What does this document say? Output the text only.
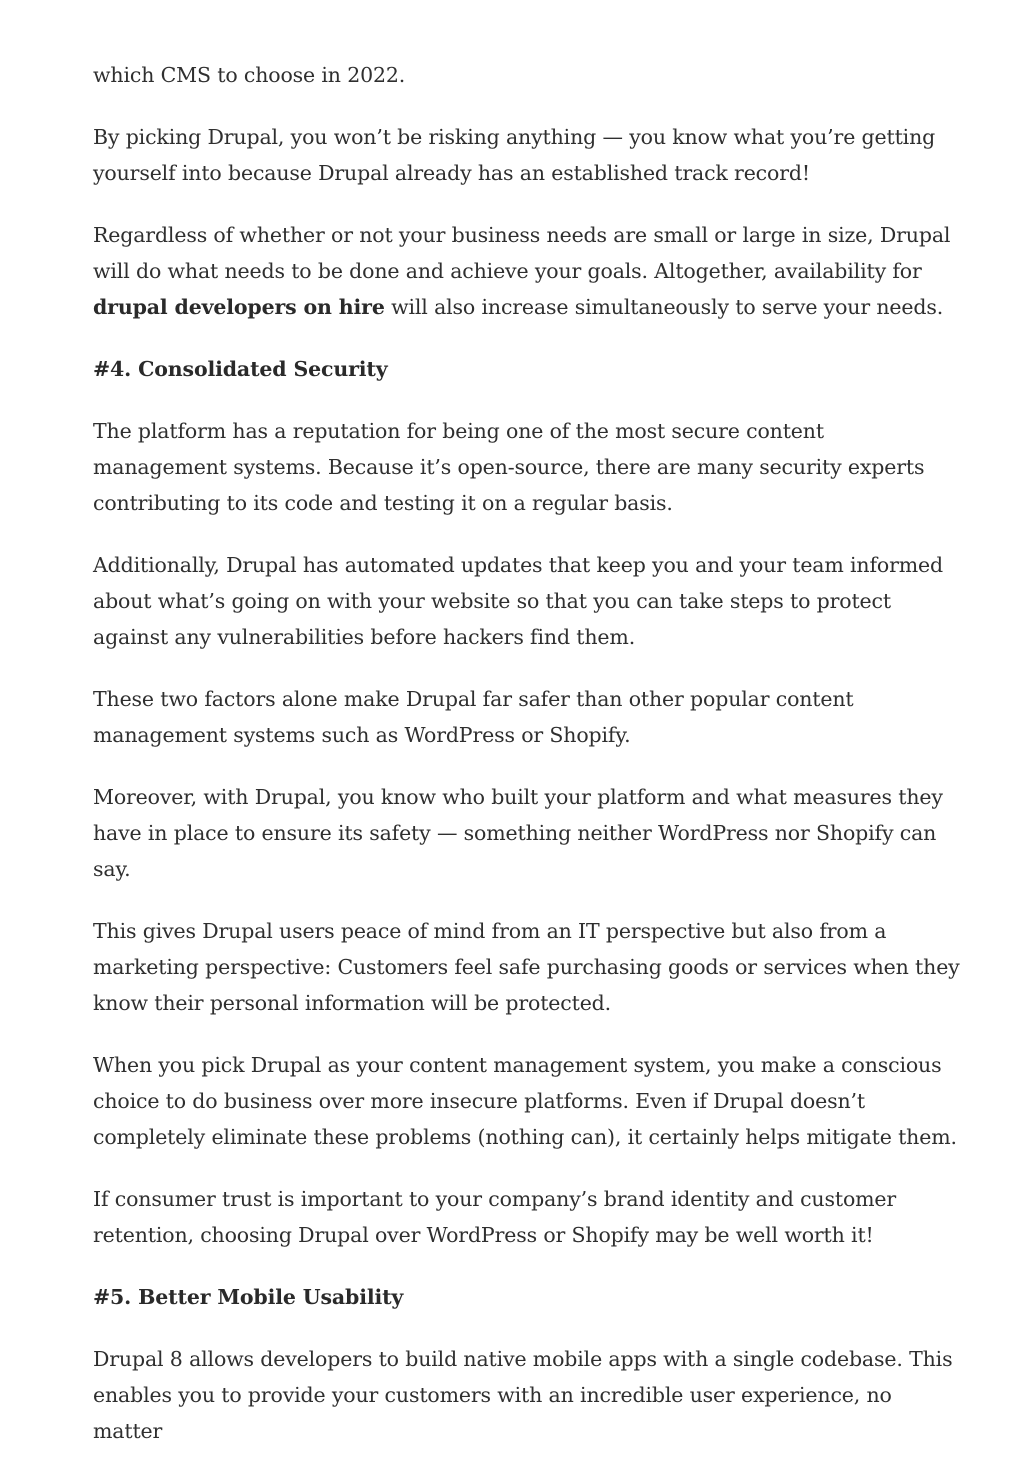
which CMS to choose in 2022.

By picking Drupal, you won’t be risking anything — you know what you’re getting yourself into because Drupal already has an established track record!

Regardless of whether or not your business needs are small or large in size, Drupal will do what needs to be done and achieve your goals. Altogether, availability for drupal developers on hire will also increase simultaneously to serve your needs.

#4. Consolidated Security

The platform has a reputation for being one of the most secure content management systems. Because it’s open-source, there are many security experts contributing to its code and testing it on a regular basis.

Additionally, Drupal has automated updates that keep you and your team informed about what’s going on with your website so that you can take steps to protect against any vulnerabilities before hackers find them.

These two factors alone make Drupal far safer than other popular content management systems such as WordPress or Shopify.

Moreover, with Drupal, you know who built your platform and what measures they have in place to ensure its safety — something neither WordPress nor Shopify can say.

This gives Drupal users peace of mind from an IT perspective but also from a marketing perspective: Customers feel safe purchasing goods or services when they know their personal information will be protected.

When you pick Drupal as your content management system, you make a conscious choice to do business over more insecure platforms. Even if Drupal doesn’t completely eliminate these problems (nothing can), it certainly helps mitigate them.

If consumer trust is important to your company’s brand identity and customer retention, choosing Drupal over WordPress or Shopify may be well worth it!

#5. Better Mobile Usability

Drupal 8 allows developers to build native mobile apps with a single codebase. This enables you to provide your customers with an incredible user experience, no matter
